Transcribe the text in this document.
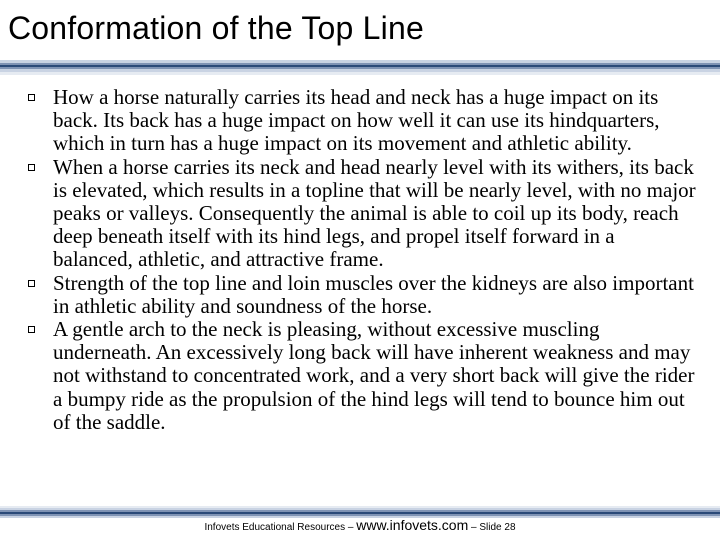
Conformation of the Top Line
How a horse naturally carries its head and neck has a huge impact on its back. Its back has a huge impact on how well it can use its hindquarters, which in turn has a huge impact on its movement and athletic ability.
When a horse carries its neck and head nearly level with its withers, its back is elevated, which results in a topline that will be nearly level, with no major peaks or valleys. Consequently the animal is able to coil up its body, reach deep beneath itself with its hind legs, and propel itself forward in a balanced, athletic, and attractive frame.
Strength of the top line and loin muscles over the kidneys are also important in athletic ability and soundness of the horse.
A gentle arch to the neck is pleasing, without excessive muscling underneath. An excessively long back will have inherent weakness and may not withstand to concentrated work, and a very short back will give the rider a bumpy ride as the propulsion of the hind legs will tend to bounce him out of the saddle.
Infovets Educational Resources – www.infovets.com – Slide 28
